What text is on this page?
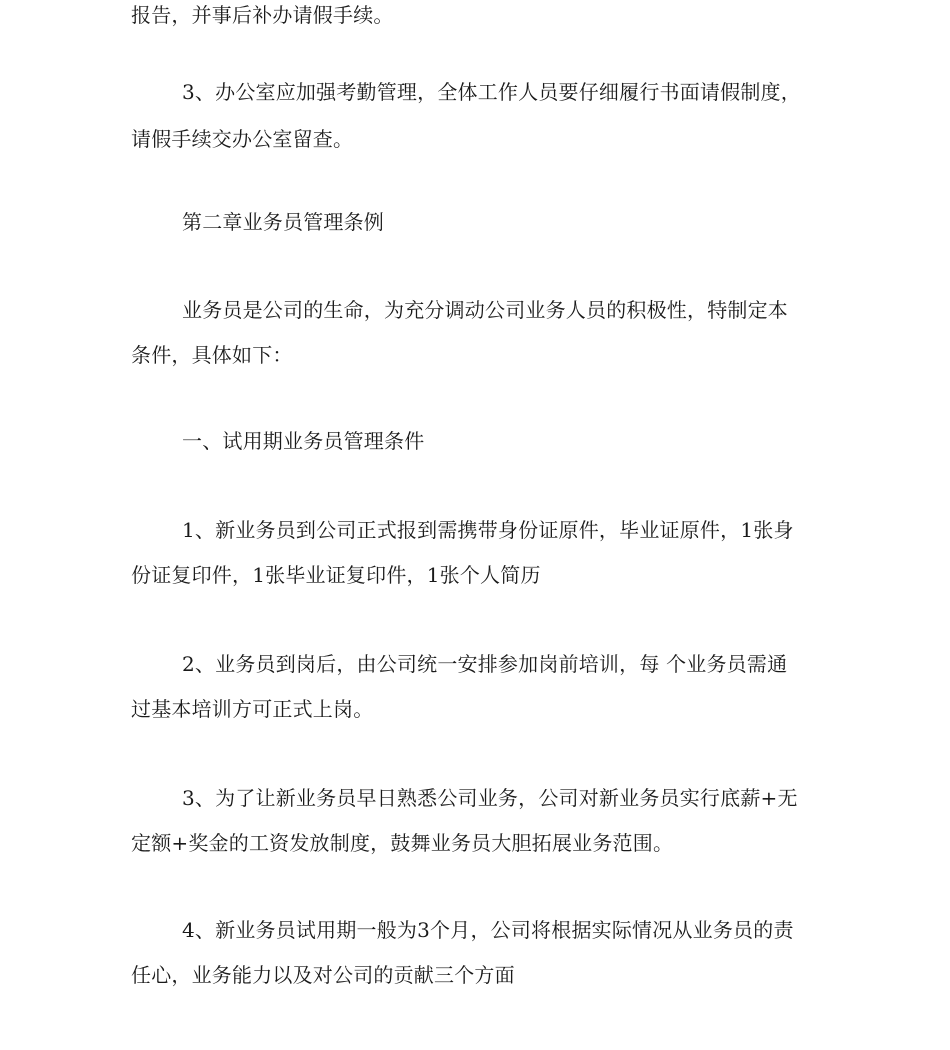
报告，并事后补办请假手续。

3、办公室应加强考勤管理，全体工作人员要仔细履行书面请假制度，

请假手续交办公室留查。

第二章业务员管理条例

业务员是公司的生命，为充分调动公司业务人员的积极性，特制定本

条件，具体如下：

一、试用期业务员管理条件

1、新业务员到公司正式报到需携带身份证原件，毕业证原件，1张身

份证复印件，1张毕业证复印件，1张个人简历

2、业务员到岗后，由公司统一安排参加岗前培训，每 个业务员需通

过基本培训方可正式上岗。

3、为了让新业务员早日熟悉公司业务，公司对新业务员实行底薪+无

定额+奖金的工资发放制度，鼓舞业务员大胆拓展业务范围。

4、新业务员试用期一般为3个月，公司将根据实际情况从业务员的责

任心，业务能力以及对公司的贡献三个方面
